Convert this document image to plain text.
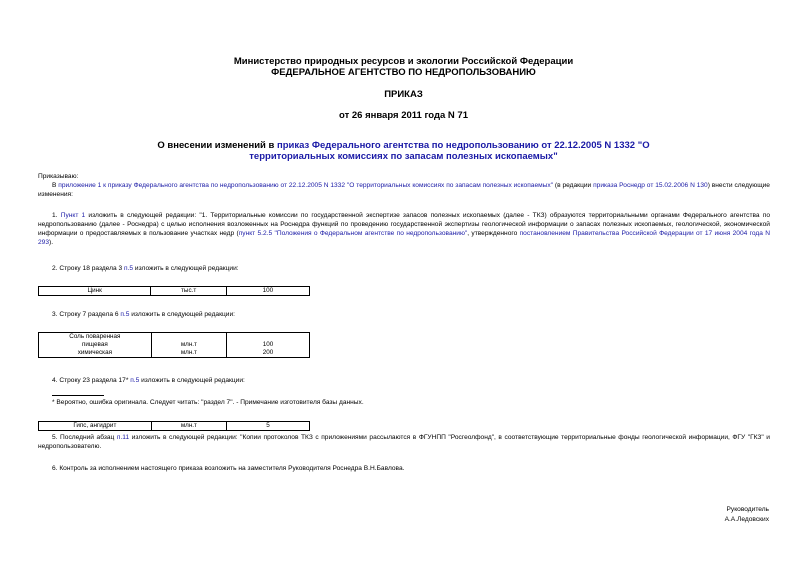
Министерство природных ресурсов и экологии Российской Федерации
ФЕДЕРАЛЬНОЕ АГЕНТСТВО ПО НЕДРОПОЛЬЗОВАНИЮ
ПРИКАЗ
от 26 января 2011 года N 71
О внесении изменений в приказ Федерального агентства по недропользованию от 22.12.2005 N 1332 "О территориальных комиссиях по запасам полезных ископаемых"
Приказываю:
В приложение 1 к приказу Федерального агентства по недропользованию от 22.12.2005 N 1332 "О территориальных комиссиях по запасам полезных ископаемых" (в редакции приказа Роснедр от 15.02.2006 N 130) внести следующие изменения:
1. Пункт 1 изложить в следующей редакции: "1. Территориальные комиссии по государственной экспертизе запасов полезных ископаемых (далее - ТКЗ) образуются территориальными органами Федерального агентства по недропользованию (далее - Роснедра) с целью исполнения возложенных на Роснедра функций по проведению государственной экспертизы геологической информации о запасах полезных ископаемых, геологической, экономической информации о предоставляемых в пользование участках недр (пункт 5.2.5 "Положения о Федеральном агентстве по недропользованию", утвержденного постановлением Правительства Российской Федерации от 17 июня 2004 года N 293).
2. Строку 18 раздела 3 п.5 изложить в следующей редакции:
Цинк	тыс.т	100
3. Строку 7 раздела 6 п.5 изложить в следующей редакции:
Соль поваренная		
пищевая	млн.т	100
химическая	млн.т	200
4. Строку 23 раздела 17* п.5 изложить в следующей редакции:
* Вероятно, ошибка оригинала. Следует читать: "раздел 7". - Примечание изготовителя базы данных.
Гипс, ангидрит	млн.т	5
5. Последний абзац п.11 изложить в следующей редакции: "Копии протоколов ТКЗ с приложениями рассылаются в ФГУНПП "Росгеолфонд", в соответствующие территориальные фонды геологической информации, ФГУ "ГКЗ" и недропользователю.
6. Контроль за исполнением настоящего приказа возложить на заместителя Руководителя Роснедра В.Н.Бавлова.
Руководитель
А.А.Ледовских
